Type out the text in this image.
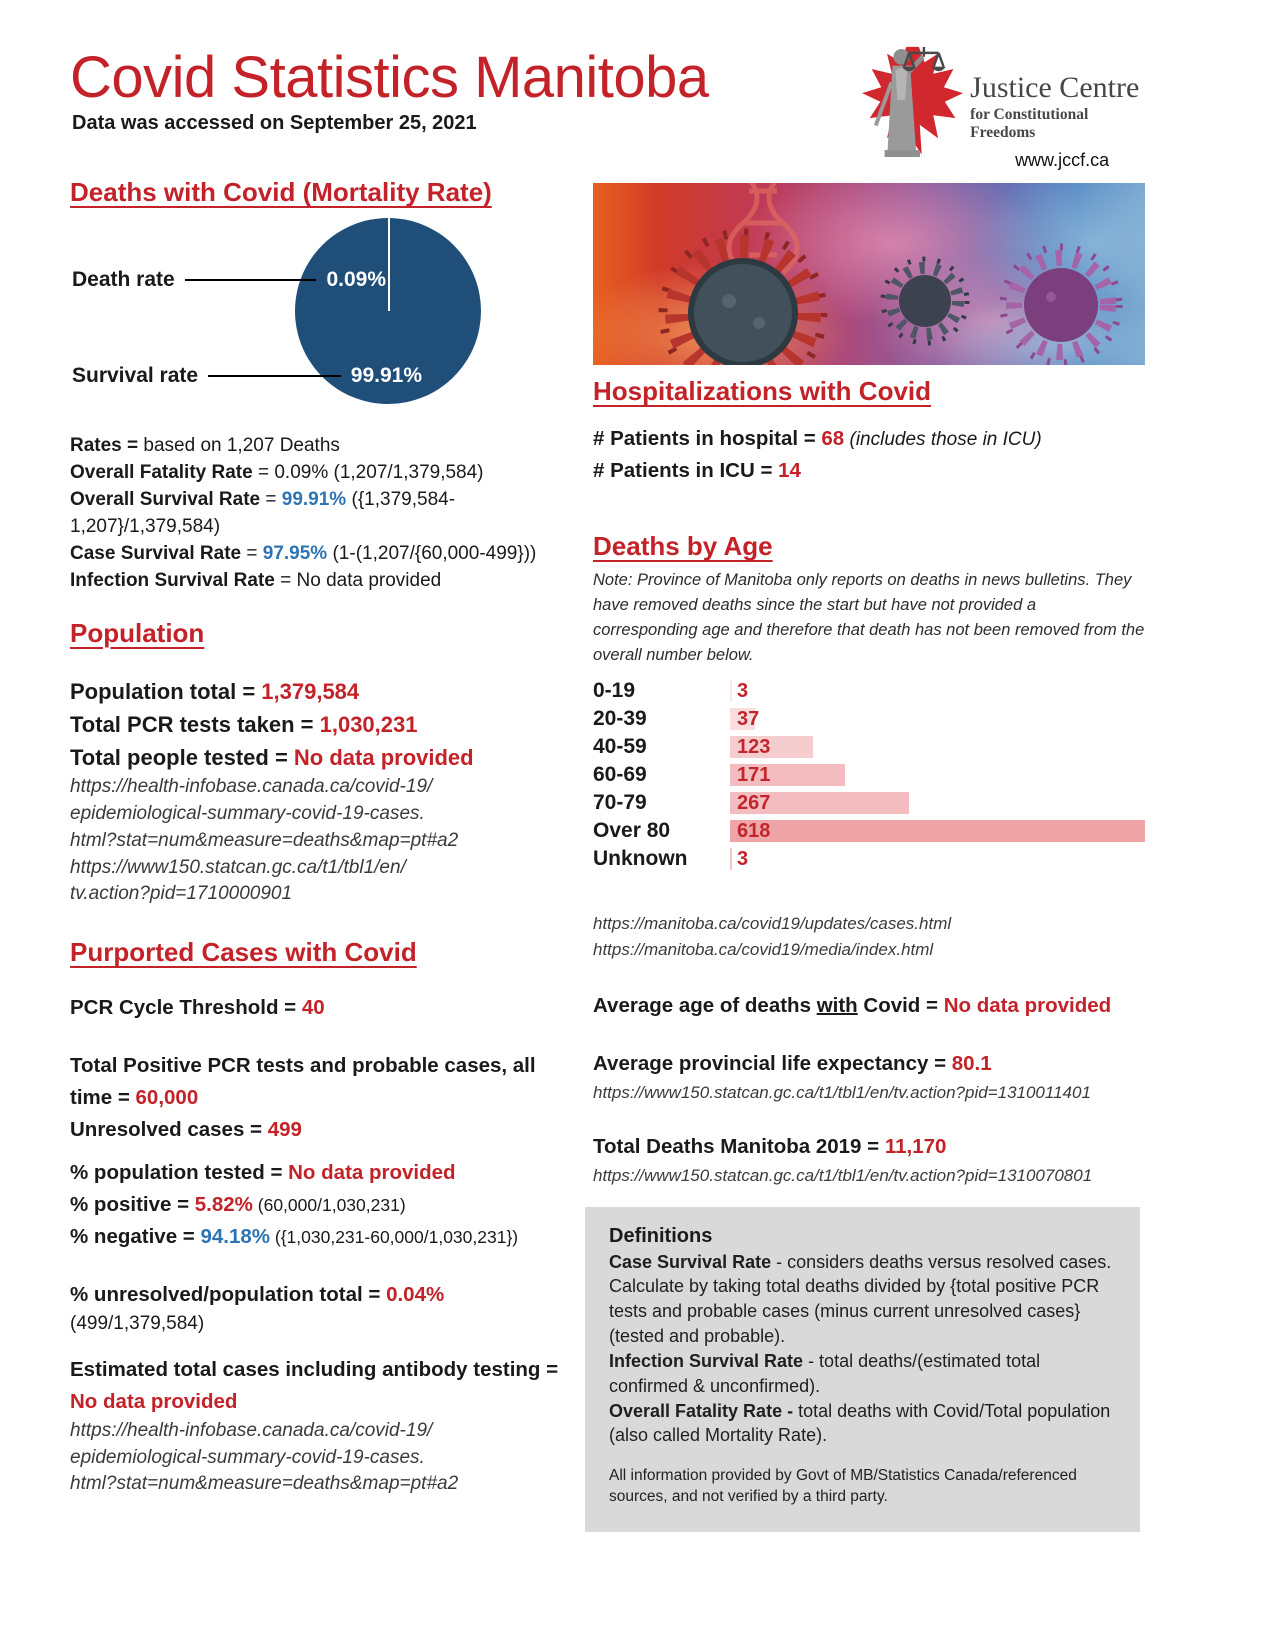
Covid Statistics Manitoba
Data was accessed on September 25, 2021
Justice Centre
for Constitutional Freedoms
www.jccf.ca
Deaths with Covid (Mortality Rate)
Death rate	0.09%
Survival rate	99.91%
Rates = based on 1,207 Deaths
Overall Fatality Rate = 0.09% (1,207/1,379,584)
Overall Survival Rate = 99.91% ({1,379,584-1,207}/1,379,584)
Case Survival Rate = 97.95% (1-(1,207/{60,000-499}))
Infection Survival Rate = No data provided
Population
Population total = 1,379,584
Total PCR tests taken = 1,030,231
Total people tested = No data provided
https://health-infobase.canada.ca/covid-19/
epidemiological-summary-covid-19-cases.
html?stat=num&measure=deaths&map=pt#a2
https://www150.statcan.gc.ca/t1/tbl1/en/
tv.action?pid=1710000901
Purported Cases with Covid
PCR Cycle Threshold = 40
Total Positive PCR tests and probable cases, all time = 60,000
Unresolved cases = 499
% population tested = No data provided
% positive = 5.82% (60,000/1,030,231)
% negative = 94.18% ({1,030,231-60,000/1,030,231})
% unresolved/population total = 0.04%
(499/1,379,584)
Estimated total cases including antibody testing =
No data provided
https://health-infobase.canada.ca/covid-19/
epidemiological-summary-covid-19-cases.
html?stat=num&measure=deaths&map=pt#a2
Hospitalizations with Covid
# Patients in hospital = 68 (includes those in ICU)
# Patients in ICU = 14
Deaths by Age
Note: Province of Manitoba only reports on deaths in news bulletins. They have removed deaths since the start but have not provided a corresponding age and therefore that death has not been removed from the overall number below.
0-19	3
20-39	37
40-59	123
60-69	171
70-79	267
Over 80	618
Unknown	3
https://manitoba.ca/covid19/updates/cases.html
https://manitoba.ca/covid19/media/index.html
Average age of deaths with Covid = No data provided
Average provincial life expectancy = 80.1
https://www150.statcan.gc.ca/t1/tbl1/en/tv.action?pid=1310011401
Total Deaths Manitoba 2019 = 11,170
https://www150.statcan.gc.ca/t1/tbl1/en/tv.action?pid=1310070801
Definitions
Case Survival Rate - considers deaths versus resolved cases. Calculate by taking total deaths divided by {total positive PCR tests and probable cases (minus current unresolved cases}(tested and probable).
Infection Survival Rate - total deaths/(estimated total confirmed & unconfirmed).
Overall Fatality Rate - total deaths with Covid/Total population (also called Mortality Rate).
All information provided by Govt of MB/Statistics Canada/referenced sources, and not verified by a third party.
